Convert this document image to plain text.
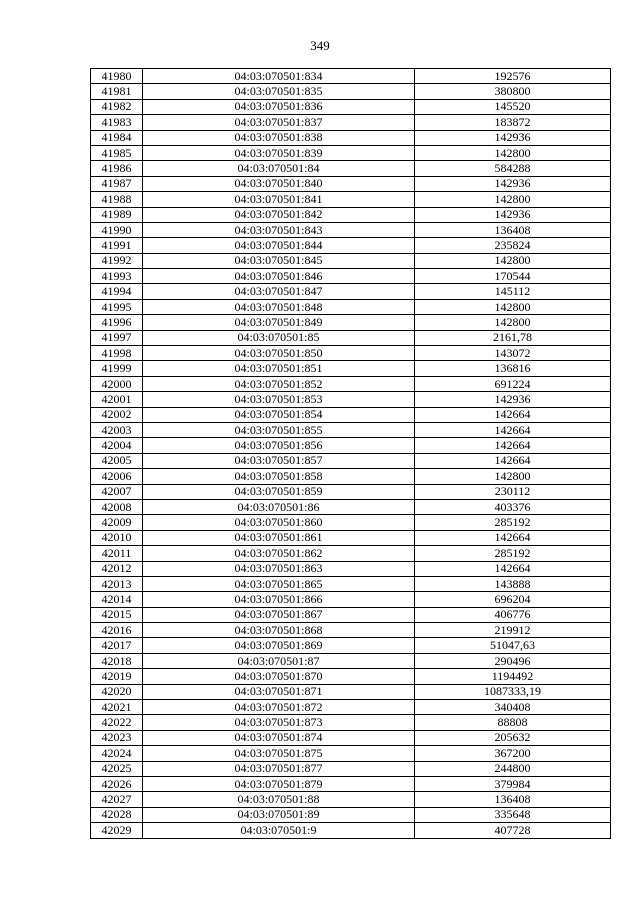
349
41980	04:03:070501:834	192576
41981	04:03:070501:835	380800
41982	04:03:070501:836	145520
41983	04:03:070501:837	183872
41984	04:03:070501:838	142936
41985	04:03:070501:839	142800
41986	04:03:070501:84	584288
41987	04:03:070501:840	142936
41988	04:03:070501:841	142800
41989	04:03:070501:842	142936
41990	04:03:070501:843	136408
41991	04:03:070501:844	235824
41992	04:03:070501:845	142800
41993	04:03:070501:846	170544
41994	04:03:070501:847	145112
41995	04:03:070501:848	142800
41996	04:03:070501:849	142800
41997	04:03:070501:85	2161,78
41998	04:03:070501:850	143072
41999	04:03:070501:851	136816
42000	04:03:070501:852	691224
42001	04:03:070501:853	142936
42002	04:03:070501:854	142664
42003	04:03:070501:855	142664
42004	04:03:070501:856	142664
42005	04:03:070501:857	142664
42006	04:03:070501:858	142800
42007	04:03:070501:859	230112
42008	04:03:070501:86	403376
42009	04:03:070501:860	285192
42010	04:03:070501:861	142664
42011	04:03:070501:862	285192
42012	04:03:070501:863	142664
42013	04:03:070501:865	143888
42014	04:03:070501:866	696204
42015	04:03:070501:867	406776
42016	04:03:070501:868	219912
42017	04:03:070501:869	51047,63
42018	04:03:070501:87	290496
42019	04:03:070501:870	1194492
42020	04:03:070501:871	1087333,19
42021	04:03:070501:872	340408
42022	04:03:070501:873	88808
42023	04:03:070501:874	205632
42024	04:03:070501:875	367200
42025	04:03:070501:877	244800
42026	04:03:070501:879	379984
42027	04:03:070501:88	136408
42028	04:03:070501:89	335648
42029	04:03:070501:9	407728
